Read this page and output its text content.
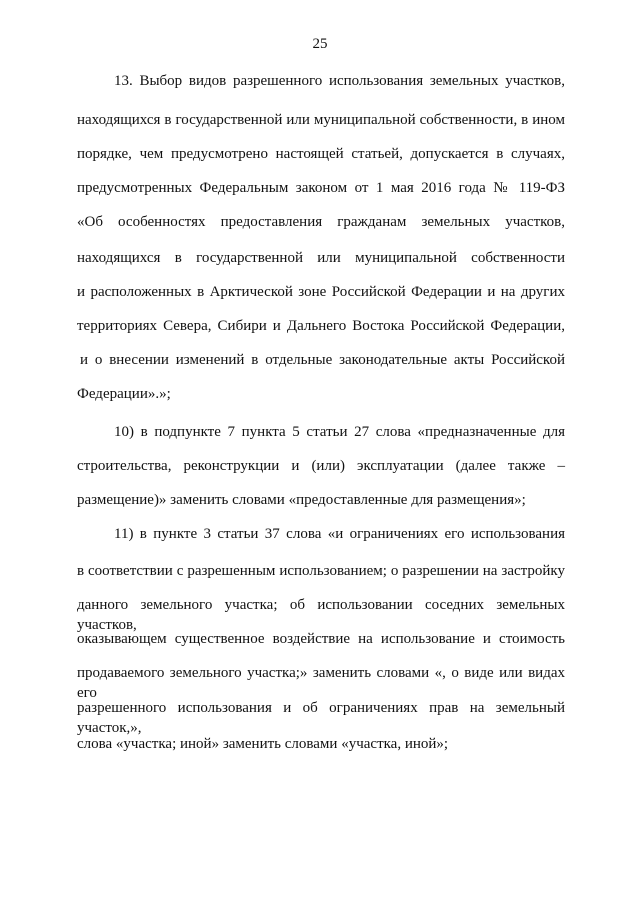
25
13. Выбор видов разрешенного использования земельных участков,
находящихся в государственной или муниципальной собственности, в ином
порядке, чем предусмотрено настоящей статьей, допускается в случаях,
предусмотренных Федеральным законом от 1 мая 2016 года № 119-ФЗ
«Об особенностях предоставления гражданам земельных участков,
находящихся в государственной или муниципальной собственности
и расположенных в Арктической зоне Российской Федерации и на других
территориях Севера, Сибири и Дальнего Востока Российской Федерации,
и о внесении изменений в отдельные законодательные акты Российской
Федерации».»;
10) в подпункте 7 пункта 5 статьи 27 слова «предназначенные для
строительства, реконструкции и (или) эксплуатации (далее также –
размещение)» заменить словами «предоставленные для размещения»;
11) в пункте 3 статьи 37 слова «и ограничениях его использования
в соответствии с разрешенным использованием; о разрешении на застройку
данного земельного участка; об использовании соседних земельных участков,
оказывающем существенное воздействие на использование и стоимость
продаваемого земельного участка;» заменить словами «, о виде или видах его
разрешенного использования и об ограничениях прав на земельный участок,»,
слова «участка; иной» заменить словами «участка, иной»;
